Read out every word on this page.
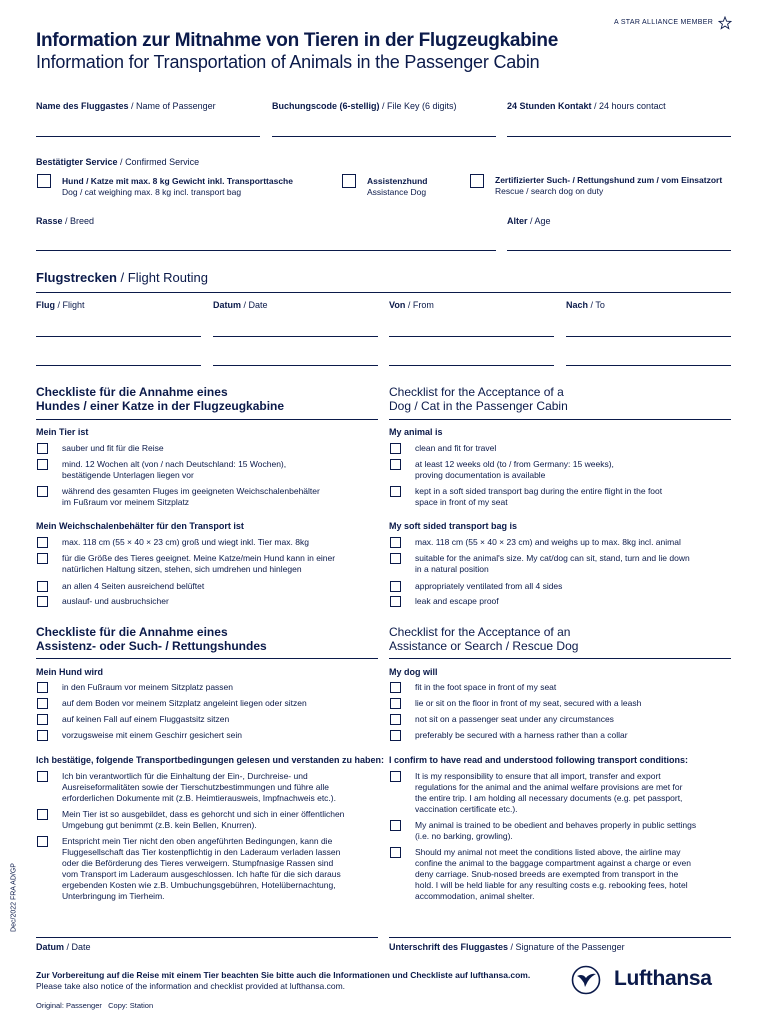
A STAR ALLIANCE MEMBER
Information zur Mitnahme von Tieren in der Flugzeugkabine
Information for Transportation of Animals in the Passenger Cabin
Name des Fluggastes / Name of Passenger	Buchungscode (6-stellig) / File Key (6 digits)	24 Stunden Kontakt / 24 hours contact
Bestätigter Service / Confirmed Service
Hund / Katze mit max. 8 kg Gewicht inkl. Transporttasche
Dog / cat weighing max. 8 kg incl. transport bag
Assistenzhund
Assistance Dog
Zertifizierter Such- / Rettungshund zum / vom Einsatzort
Rescue / search dog on duty
Rasse / Breed	Alter / Age
Flugstrecken / Flight Routing
Flug / Flight	Datum / Date	Von / From	Nach / To
Checkliste für die Annahme eines
Hundes / einer Katze in der Flugzeugkabine
Checklist for the Acceptance of a
Dog / Cat in the Passenger Cabin
Mein Tier ist	My animal is
sauber und fit für die Reise
mind. 12 Wochen alt (von / nach Deutschland: 15 Wochen),
bestätigende Unterlagen liegen vor
während des gesamten Fluges im geeigneten Weichschalenbehälter
im Fußraum vor meinem Sitzplatz
clean and fit for travel
at least 12 weeks old (to / from Germany: 15 weeks),
proving documentation is available
kept in a soft sided transport bag during the entire flight in the foot
space in front of my seat
Mein Weichschalenbehälter für den Transport ist	My soft sided transport bag is
max. 118 cm (55 × 40 × 23 cm) groß und wiegt inkl. Tier max. 8kg
für die Größe des Tieres geeignet. Meine Katze/mein Hund kann in einer
natürlichen Haltung sitzen, stehen, sich umdrehen und hinlegen
an allen 4 Seiten ausreichend belüftet
auslauf- und ausbruchsicher
max. 118 cm (55 × 40 × 23 cm) and weighs up to max. 8kg incl. animal
suitable for the animal's size. My cat/dog can sit, stand, turn and lie down
in a natural position
appropriately ventilated from all 4 sides
leak and escape proof
Checkliste für die Annahme eines
Assistenz- oder Such- / Rettungshundes
Checklist for the Acceptance of an
Assistance or Search / Rescue Dog
Mein Hund wird	My dog will
in den Fußraum vor meinem Sitzplatz passen
auf dem Boden vor meinem Sitzplatz angeleint liegen oder sitzen
auf keinen Fall auf einem Fluggastsitz sitzen
vorzugsweise mit einem Geschirr gesichert sein
fit in the foot space in front of my seat
lie or sit on the floor in front of my seat, secured with a leash
not sit on a passenger seat under any circumstances
preferably be secured with a harness rather than a collar
Ich bestätige, folgende Transportbedingungen gelesen und verstanden zu haben: I confirm to have read and understood following transport conditions:
Ich bin verantwortlich für die Einhaltung der Ein-, Durchreise- und
Ausreiseformalitäten sowie der Tierschutzbestimmungen und führe alle
erforderlichen Dokumente mit (z.B. Heimtierausweis, Impfnachweis etc.).
Mein Tier ist so ausgebildet, dass es gehorcht und sich in einer öffentlichen
Umgebung gut benimmt (z.B. kein Bellen, Knurren).
Entspricht mein Tier nicht den oben angeführten Bedingungen, kann die
Fluggesellschaft das Tier kostenpflichtig in den Laderaum verladen lassen
oder die Beförderung des Tieres verweigern. Stumpfnasige Rassen sind
vom Transport im Laderaum ausgeschlossen. Ich hafte für die sich daraus
ergebenden Kosten wie z.B. Umbuchungsgebühren, Hotelübernachtung,
Unterbringung im Tierheim.
It is my responsibility to ensure that all import, transfer and export
regulations for the animal and the animal welfare provisions are met for
the entire trip. I am holding all necessary documents (e.g. pet passport,
vaccination certificate etc.).
My animal is trained to be obedient and behaves properly in public settings
(i.e. no barking, growling).
Should my animal not meet the conditions listed above, the airline may
confine the animal to the baggage compartment against a charge or even
deny carriage. Snub-nosed breeds are exempted from transport in the
hold. I will be held liable for any resulting costs e.g. rebooking fees, hotel
accommodation, animal shelter.
Dec/2022 FRA AD/GP
Datum / Date	Unterschrift des Fluggastes / Signature of the Passenger
Zur Vorbereitung auf die Reise mit einem Tier beachten Sie bitte auch die Informationen und Checkliste auf lufthansa.com.
Please take also notice of the information and checklist provided at lufthansa.com.
Original: Passenger   Copy: Station
Lufthansa
